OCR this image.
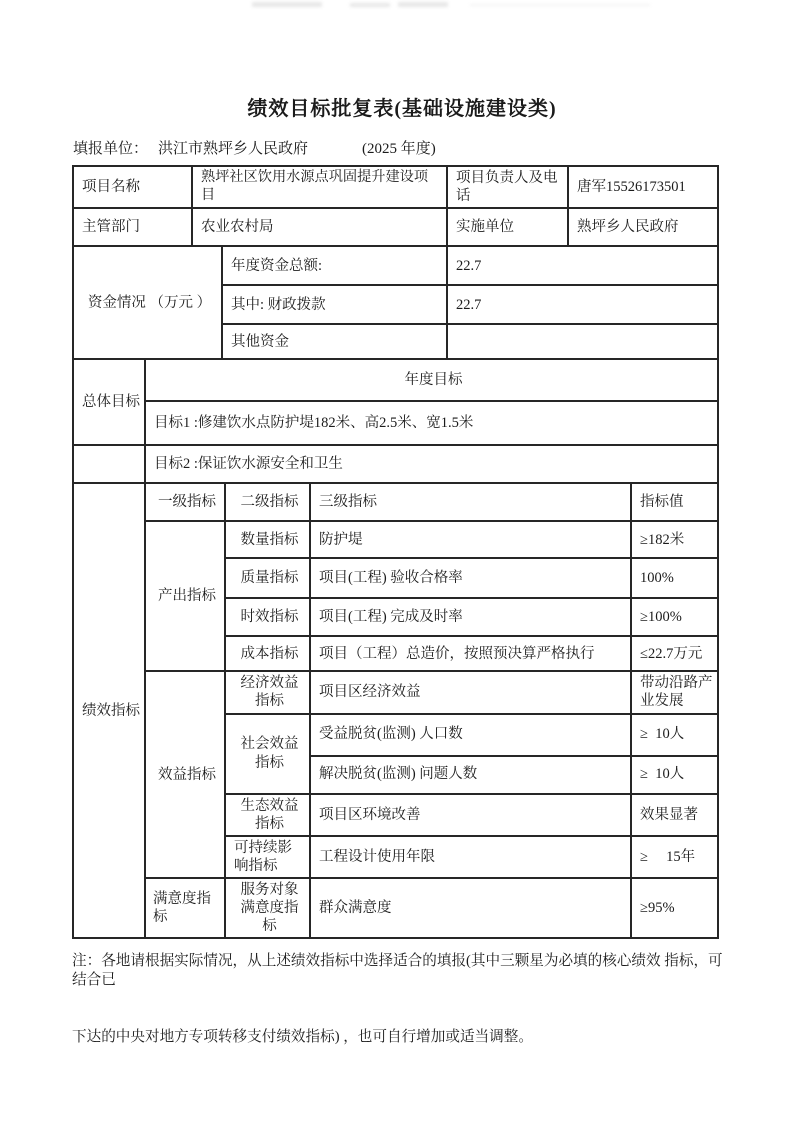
绩效目标批复表(基础设施建设类)
填报单位： 洪江市熟坪乡人民政府	(2025 年度)
项目名称	熟坪社区饮用水源点巩固提升建设项目	项目负责人及电话	唐军15526173501
主管部门	农业农村局	实施单位	熟坪乡人民政府
资金情况 （万元 ）	年度资金总额:	22.7
	其中: 财政拨款	22.7
	其他资金	
总体目标	年度目标
	目标1 :修建饮水点防护堤182米、高2.5米、宽1.5米
	目标2 :保证饮水源安全和卫生
绩效指标	一级指标	二级指标	三级指标	指标值
	产出指标	数量指标	防护堤	≥182米
		质量指标	项目(工程) 验收合格率	100%
		时效指标	项目(工程) 完成及时率	≥100%
		成本指标	项目（工程）总造价，按照预决算严格执行	≤22.7万元
	效益指标	经济效益指标	项目区经济效益	带动沿路产业发展
		社会效益指标	受益脱贫(监测) 人口数	≥  10人
			解决脱贫(监测) 问题人数	≥  10人
		生态效益指标	项目区环境改善	效果显著
		可持续影响指标	工程设计使用年限	≥　 15年
	满意度指标	服务对象满意度指标	群众满意度	≥95%

注：各地请根据实际情况，从上述绩效指标中选择适合的填报(其中三颗星为必填的核心绩效 指标，可结合已

下达的中央对地方专项转移支付绩效指标) ，也可自行增加或适当调整。
